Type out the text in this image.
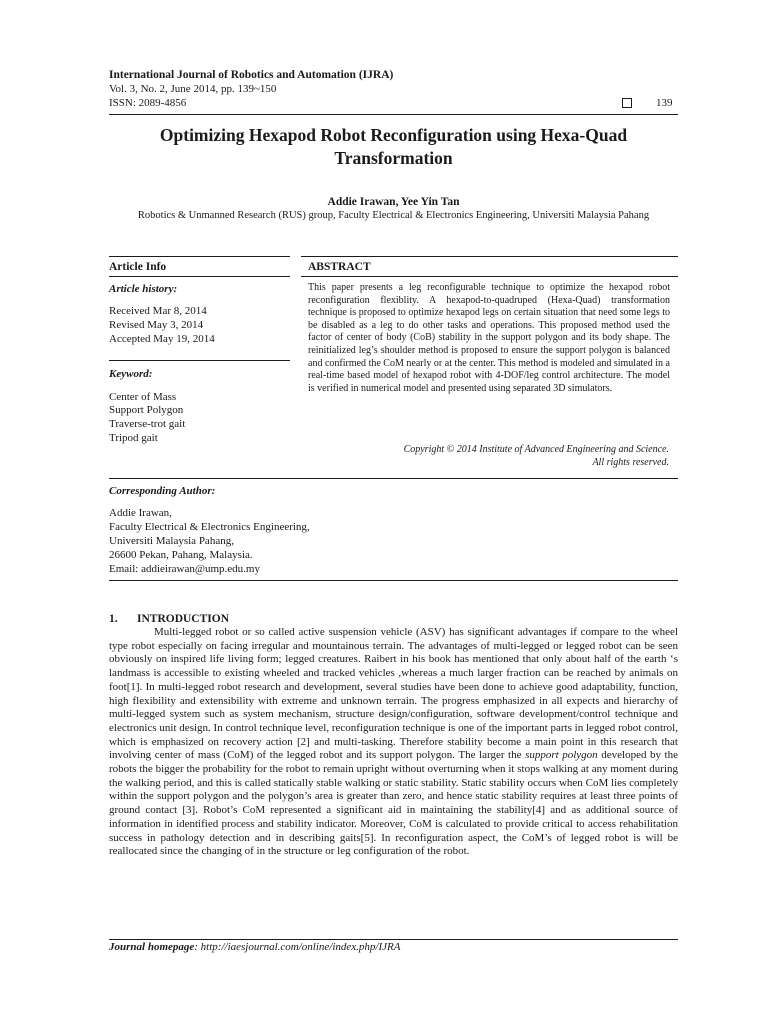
International Journal of Robotics and Automation (IJRA)
Vol. 3, No. 2, June 2014, pp. 139~150
ISSN: 2089-4856	139
Optimizing Hexapod Robot Reconfiguration using Hexa-Quad
Transformation
Addie Irawan, Yee Yin Tan
Robotics & Unmanned Research (RUS) group, Faculty Electrical & Electronics Engineering, Universiti Malaysia Pahang
Article Info
Article history:
Received Mar 8, 2014
Revised May 3, 2014
Accepted May 19, 2014
Keyword:
Center of Mass
Support Polygon
Traverse-trot gait
Tripod gait
ABSTRACT
This paper presents a leg reconfigurable technique to optimize the hexapod robot reconfiguration flexiblity. A hexapod-to-quadruped (Hexa-Quad) transformation technique is proposed to optimize hexapod legs on certain situation that need some legs to be disabled as a leg to do other tasks and operations. This proposed method used the factor of center of body (CoB) stability in the support polygon and its body shape. The reinitialized leg’s shoulder method is proposed to ensure the support polygon is balanced and confirmed the CoM nearly or at the center. This method is modeled and simulated in a real-time based model of hexapod robot with 4-DOF/leg control architecture. The model is verified in numerical model and presented using separated 3D simulators.
Copyright © 2014 Institute of Advanced Engineering and Science.
All rights reserved.
Corresponding Author:
Addie Irawan,
Faculty Electrical & Electronics Engineering,
Universiti Malaysia Pahang,
26600 Pekan, Pahang, Malaysia.
Email: addieirawan@ump.edu.my
1. INTRODUCTION
Multi-legged robot or so called active suspension vehicle (ASV) has significant advantages if compare to the wheel type robot especially on facing irregular and mountainous terrain. The advantages of multi-legged or legged robot can be seen obviously on inspired life living form; legged creatures. Raibert in his book has mentioned that only about half of the earth ‘s landmass is accessible to existing wheeled and tracked vehicles ,whereas a much larger fraction can be reached by animals on foot[1]. In multi-legged robot research and development, several studies have been done to achieve good adaptability, function, high flexibility and extensibility with extreme and unknown terrain. The progress emphasized in all expects and hierarchy of multi-legged system such as system mechanism, structure design/configuration, software development/control technique and electronics unit design. In control technique level, reconfiguration technique is one of the important parts in legged robot control, which is emphasized on recovery action [2] and multi-tasking. Therefore stability become a main point in this research that involving center of mass (CoM) of the legged robot and its support polygon. The larger the support polygon developed by the robots the bigger the probability for the robot to remain upright without overturning when it stops walking at any moment during the walking period, and this is called statically stable walking or static stability. Static stability occurs when CoM lies completely within the support polygon and the polygon’s area is greater than zero, and hence static stability requires at least three points of ground contact [3]. Robot’s CoM represented a significant aid in maintaining the stability[4] and as additional source of information in identified process and stability indicator. Moreover, CoM is calculated to provide critical to access rehabilitation success in pathology detection and in describing gaits[5]. In reconfiguration aspect, the CoM’s of legged robot is will be reallocated since the changing of in the structure or leg configuration of the robot.
Journal homepage: http://iaesjournal.com/online/index.php/IJRA
